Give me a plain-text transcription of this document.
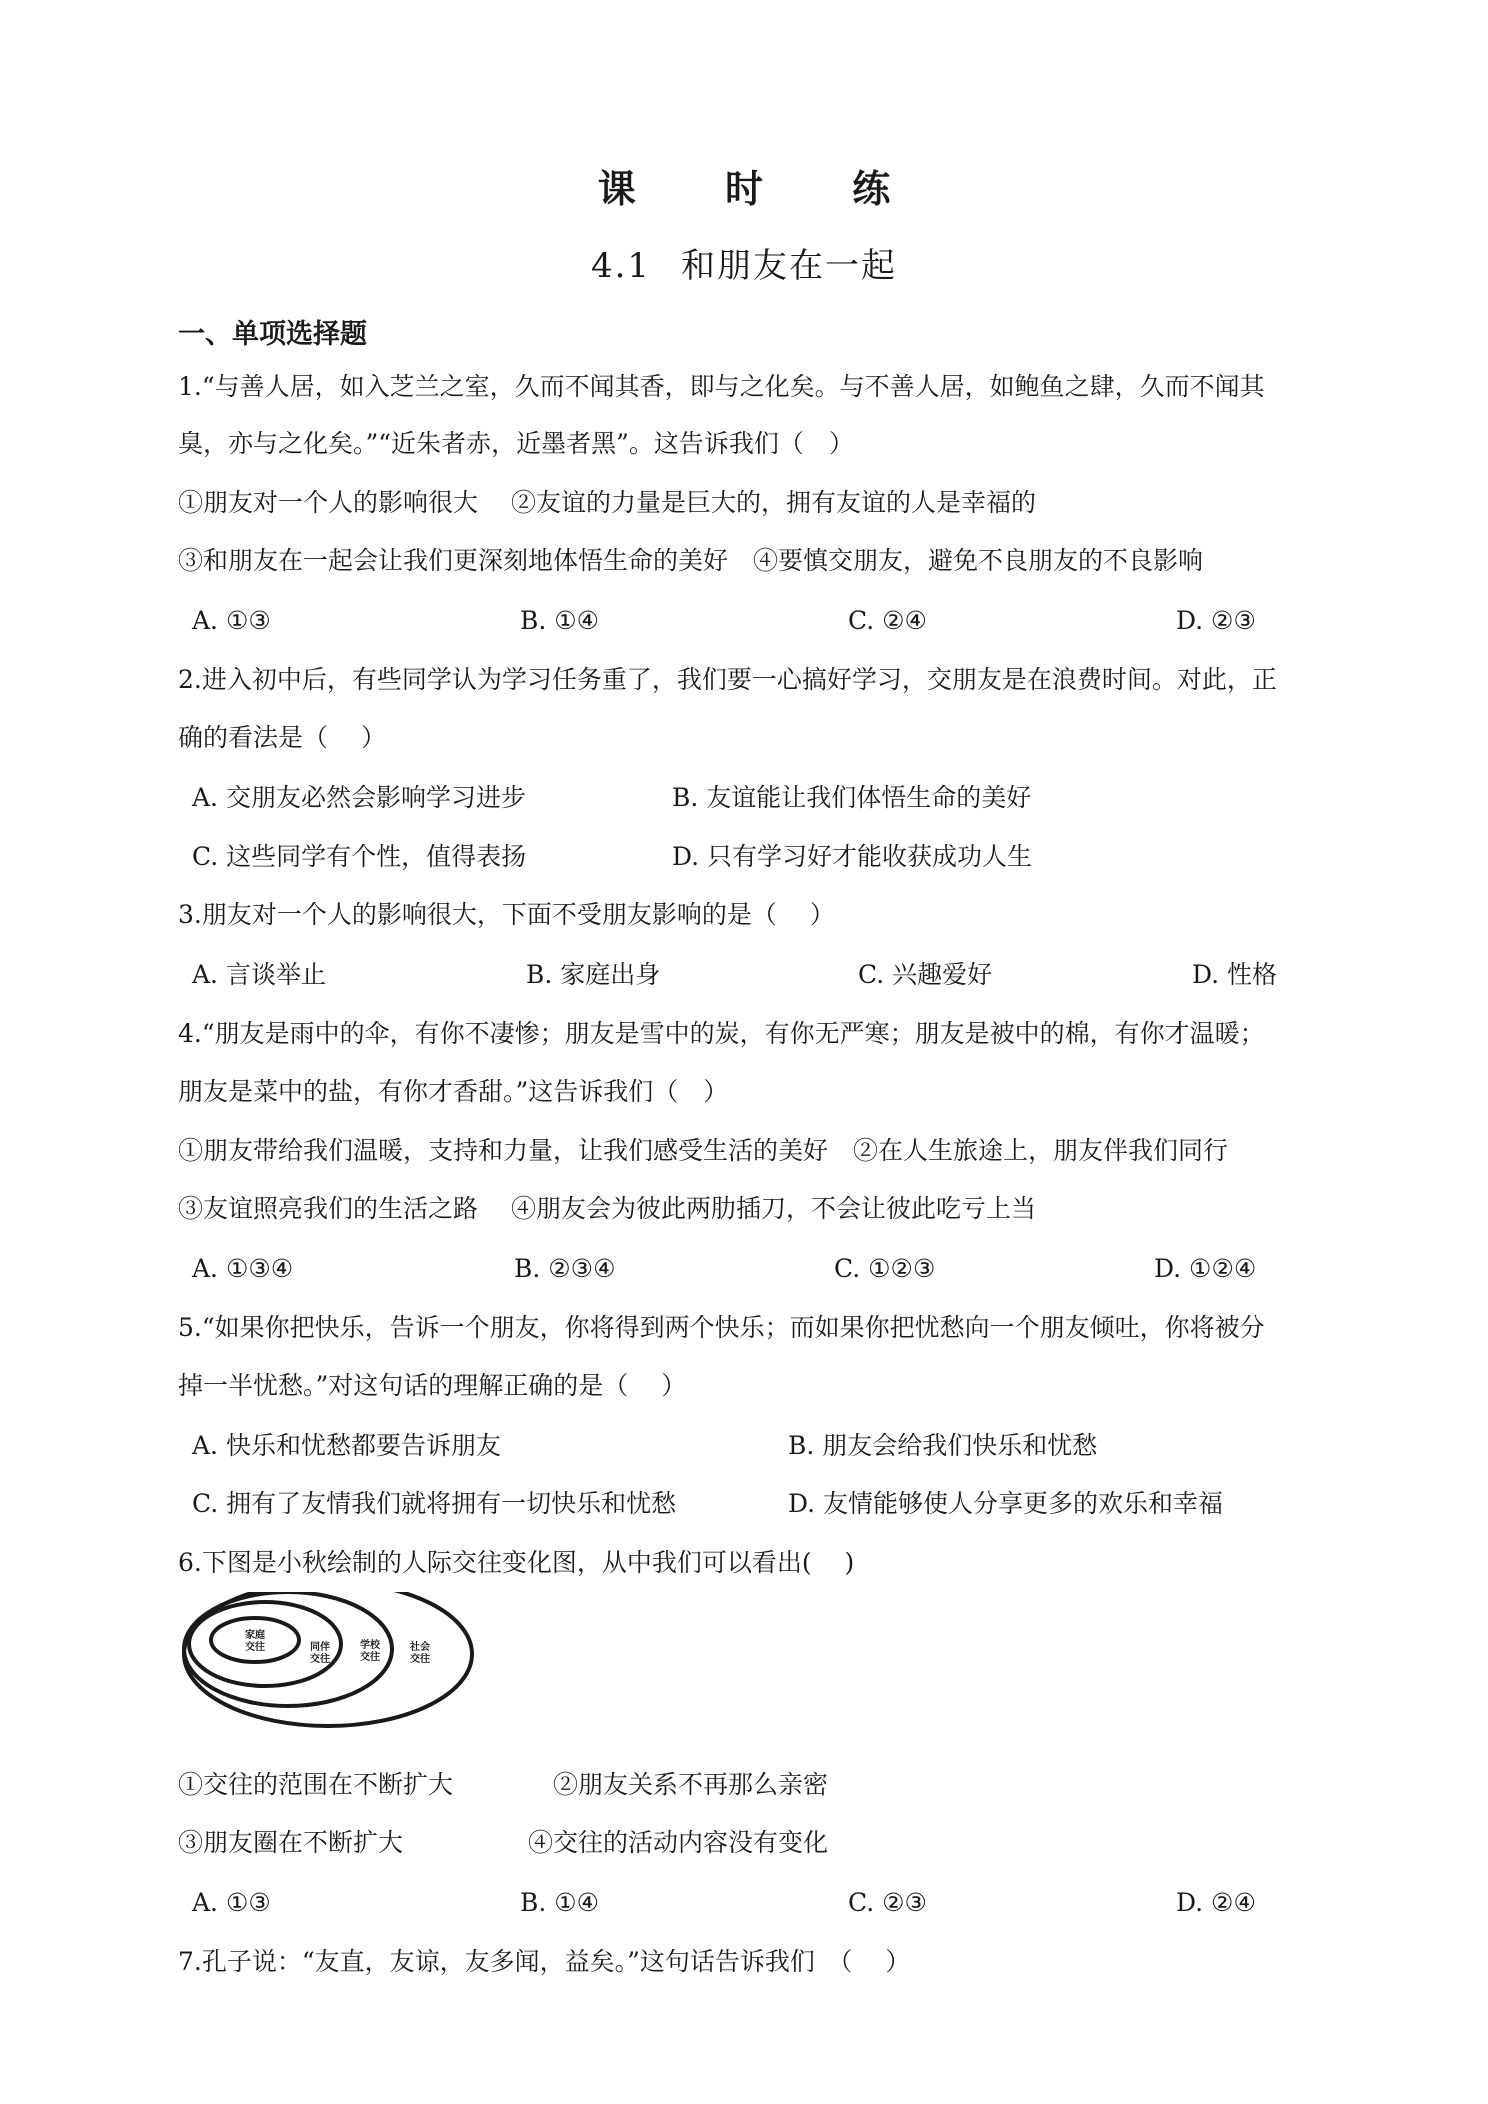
课 时 练
4.1 和朋友在一起
一、单项选择题
1.“与善人居，如入芝兰之室，久而不闻其香，即与之化矣。与不善人居，如鲍鱼之肆，久而不闻其
臭，亦与之化矣。”“近朱者赤，近墨者黑”。这告诉我们（　）
①朋友对一个人的影响很大　 ②友谊的力量是巨大的，拥有友谊的人是幸福的
③和朋友在一起会让我们更深刻地体悟生命的美好　④要慎交朋友，避免不良朋友的不良影响
A. ①③	B. ①④	C. ②④	D. ②③
2.进入初中后，有些同学认为学习任务重了，我们要一心搞好学习，交朋友是在浪费时间。对此，正
确的看法是（　 ）
A. 交朋友必然会影响学习进步	B. 友谊能让我们体悟生命的美好
C. 这些同学有个性，值得表扬	D. 只有学习好才能收获成功人生
3.朋友对一个人的影响很大，下面不受朋友影响的是（　 ）
A. 言谈举止	B. 家庭出身	C. 兴趣爱好	D. 性格
4.“朋友是雨中的伞，有你不凄惨；朋友是雪中的炭，有你无严寒；朋友是被中的棉，有你才温暖；
朋友是菜中的盐，有你才香甜。”这告诉我们（　）
①朋友带给我们温暖，支持和力量，让我们感受生活的美好　②在人生旅途上，朋友伴我们同行
③友谊照亮我们的生活之路　 ④朋友会为彼此两肋插刀，不会让彼此吃亏上当
A. ①③④	B. ②③④	C. ①②③	D. ①②④
5.“如果你把快乐，告诉一个朋友，你将得到两个快乐；而如果你把忧愁向一个朋友倾吐，你将被分
掉一半忧愁。”对这句话的理解正确的是（　 ）
A. 快乐和忧愁都要告诉朋友	B. 朋友会给我们快乐和忧愁
C. 拥有了友情我们就将拥有一切快乐和忧愁	D. 友情能够使人分享更多的欢乐和幸福
6.下图是小秋绘制的人际交往变化图，从中我们可以看出(　 )
家庭交往	同伴交往
学校交往
社会交往
①交往的范围在不断扩大　　　　②朋友关系不再那么亲密
③朋友圈在不断扩大　　　　　④交往的活动内容没有变化
A. ①③	B. ①④	C. ②③	D. ②④
7.孔子说：“友直，友谅，友多闻，益矣。”这句话告诉我们　（　 ）
